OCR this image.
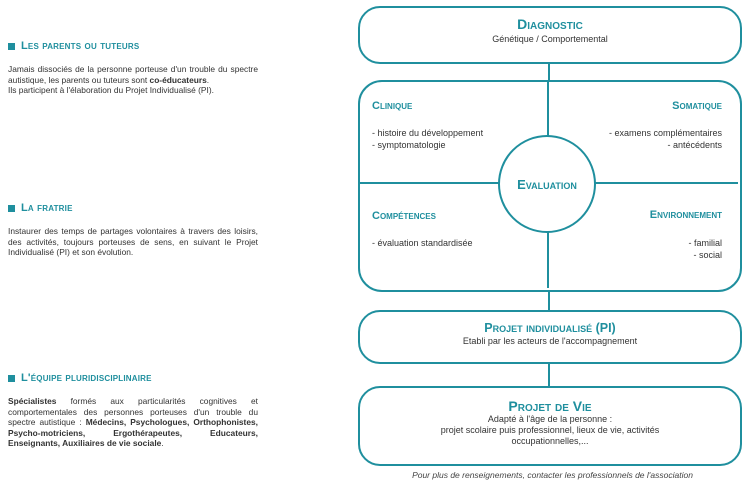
Les parents ou tuteurs
Jamais dissociés de la personne porteuse d'un trouble du spectre autistique, les parents ou tuteurs sont co-éducateurs.
Ils participent à l'élaboration du Projet Individualisé (PI).
La fratrie
Instaurer des temps de partages volontaires à travers des loisirs, des activités, toujours porteuses de sens, en suivant le Projet Individualisé (PI) et son évolution.
L'équipe pluridisciplinaire
Spécialistes formés aux particularités cognitives et comportementales des personnes porteuses d'un trouble du spectre autistique : Médecins, Psychologues, Orthophonistes, Psycho-motriciens, Ergothérapeutes, Educateurs, Enseignants, Auxiliaires de vie sociale.
Diagnostic
Génétique / Comportemental
Clinique
- histoire du développement
- symptomatologie
Somatique
- examens complémentaires
- antécédents
Compétences
- évaluation standardisée
Environnement
- familial
- social
Evaluation
Projet individualisé (PI)
Etabli par les acteurs de l'accompagnement
Projet de Vie
Adapté à l'âge de la personne :
projet scolaire puis professionnel, lieux de vie, activités
occupationnelles,...
Pour plus de renseignements, contacter les professionnels de l'association
